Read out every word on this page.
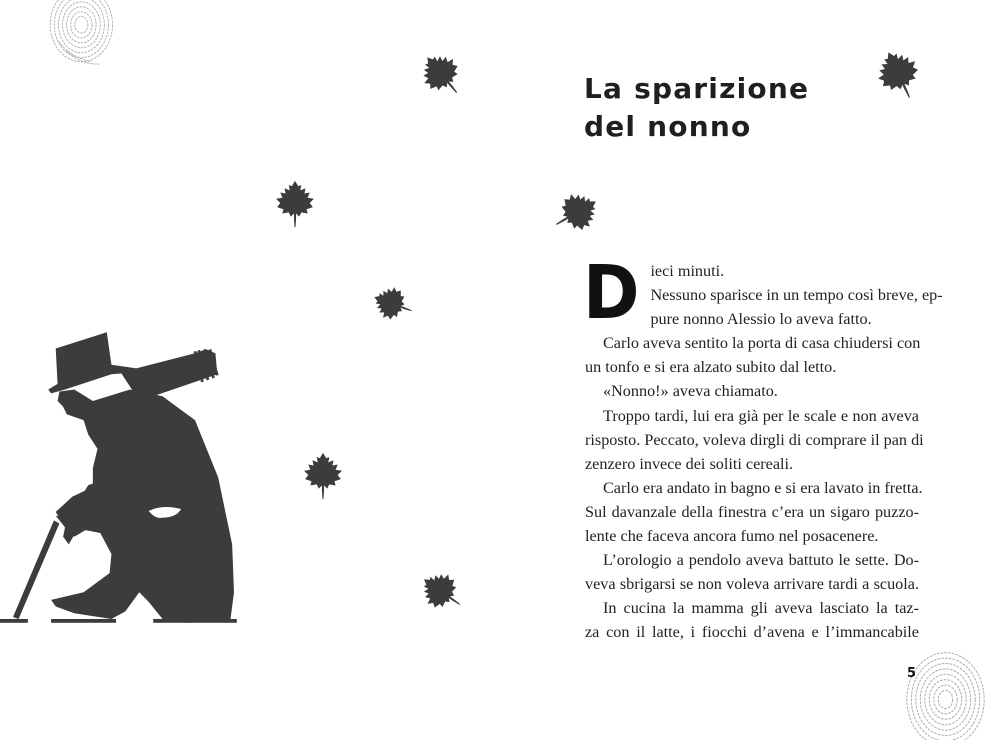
La sparizione
del nonno
D ieci minuti.
Nessuno sparisce in un tempo così breve, ep-
pure nonno Alessio lo aveva fatto.
Carlo aveva sentito la porta di casa chiudersi con
un tonfo e si era alzato subito dal letto.
«Nonno!» aveva chiamato.
Troppo tardi, lui era già per le scale e non aveva
risposto. Peccato, voleva dirgli di comprare il pan di
zenzero invece dei soliti cereali.
Carlo era andato in bagno e si era lavato in fretta.
Sul davanzale della finestra c’era un sigaro puzzo-
lente che faceva ancora fumo nel posacenere.
L’orologio a pendolo aveva battuto le sette. Do-
veva sbrigarsi se non voleva arrivare tardi a scuola.
In cucina la mamma gli aveva lasciato la taz-
za con il latte, i fiocchi d’avena e l’immancabile
5
